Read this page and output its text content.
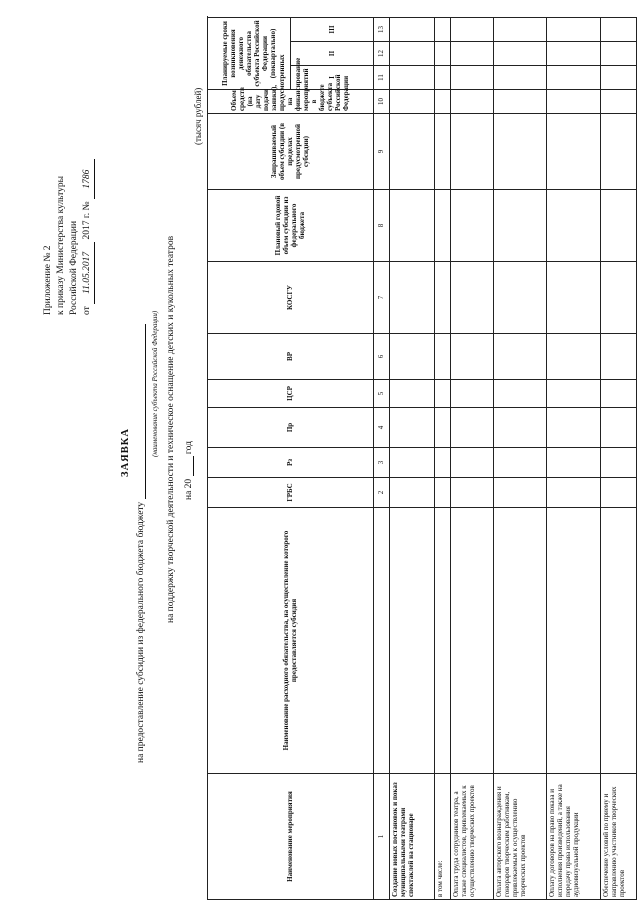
Приложение № 2 к приказу Министерства культуры Российской Федерации от 11.05.2017 2017 г. № 1786
ЗАЯВКА
на предоставление субсидии из федерального бюджета бюджету
(наименование субъекта Российской Федерации) на поддержку творческой деятельности и техническое оснащение детских и кукольных театров на 20  год
(тысяч рублей)
Наименование мероприятия	Наименование расходного обязательства, на осуществление которого предоставляется субсидия	ГРБС	Рз	Пр	ЦСР	ВР	КОСГУ	Плановый годовой объем субсидии из федерального бюджета	Запрашиваемый объем субсидии (в пределах предусмотренной субсидии)	Объем средств (на дату подачи заявки), предусмотренных на финансирование мероприятий в бюджете субъекта Российской Федерации	Планируемые сроки возникновения денежного обязательства субъекта Российской Федерации (поквартально)			
											I	II	III	
1		2	3	4	5	6	7	8	9	10	11	12	13	
Создание новых постановок и показ муниципальными театрами спектаклей на стационаре														
в том числе:														
Оплата труда сотрудников театра, а также специалистов, привлекаемых к осуществлению творческих проектов														
Оплата авторского вознаграждения и гонораров творческим работникам, привлекаемым к осуществлению творческих проектов														
Оплату договоров на право показа и исполнения произведений, а также на передачу права использования аудиовизуальной продукции														
Обеспечение условий по приему и направлению участников творческих проектов														
